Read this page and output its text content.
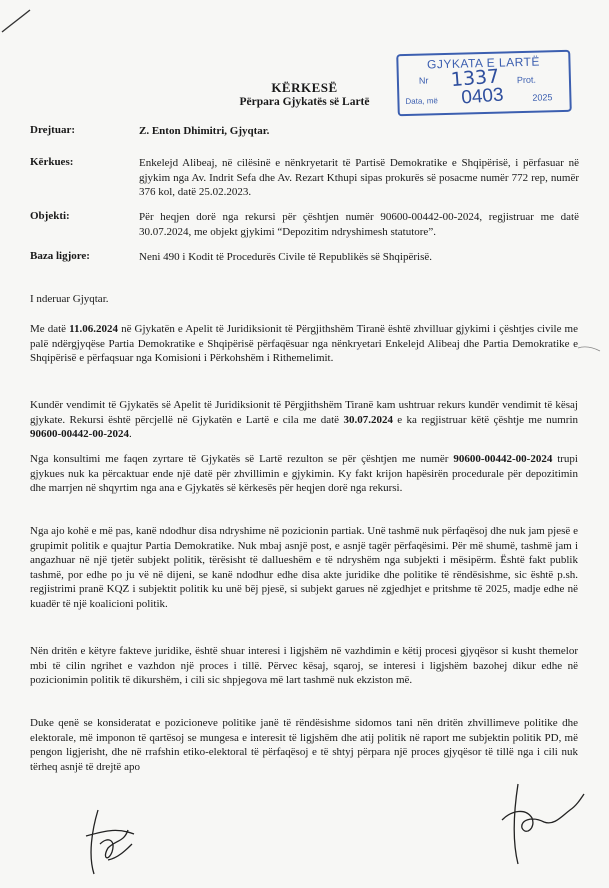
GJYKATA E LARTË
Nr 1337 Prot.
Data, më 0403	2025
KËRKESË
Përpara Gjykatës së Lartë
Drejtuar:	Z. Enton Dhimitri, Gjyqtar.
Kërkues:	Enkelejd Alibeaj, në cilësinë e nënkryetarit të Partisë Demokratike e Shqipërisë, i përfasuar në gjykim nga Av. Indrit Sefa dhe Av. Rezart Kthupi sipas prokurës së posacme numër 772 rep, numër 376 kol, datë 25.02.2023.
Objekti:	Për heqjen dorë nga rekursi për çështjen numër 90600-00442-00-2024, regjistruar me datë 30.07.2024, me objekt gjykimi “Depozitim ndryshimesh statutore”.
Baza ligjore:	Neni 490 i Kodit të Procedurës Civile të Republikës së Shqipërisë.
I nderuar Gjyqtar.
Me datë 11.06.2024 në Gjykatën e Apelit të Juridiksionit të Përgjithshëm Tiranë është zhvilluar gjykimi i çështjes civile me palë ndërgjyqëse Partia Demokratike e Shqipërisë përfaqësuar nga nënkryetari Enkelejd Alibeaj dhe Partia Demokratike e Shqipërisë e përfaqsuar nga Komisioni i Përkohshëm i Rithemelimit.
Kundër vendimit të Gjykatës së Apelit të Juridiksionit të Përgjithshëm Tiranë kam ushtruar rekurs kundër vendimit të kësaj gjykate. Rekursi është përcjellë në Gjykatën e Lartë e cila me datë 30.07.2024 e ka regjistruar këtë çështje me numrin 90600-00442-00-2024.
Nga konsultimi me faqen zyrtare të Gjykatës së Lartë rezulton se për çështjen me numër 90600-00442-00-2024 trupi gjykues nuk ka përcaktuar ende një datë për zhvillimin e gjykimin. Ky fakt krijon hapësirën procedurale për depozitimin dhe marrjen në shqyrtim nga ana e Gjykatës së kërkesës për heqjen dorë nga rekursi.
Nga ajo kohë e më pas, kanë ndodhur disa ndryshime në pozicionin partiak. Unë tashmë nuk përfaqësoj dhe nuk jam pjesë e grupimit politik e quajtur Partia Demokratike. Nuk mbaj asnjë post, e asnjë tagër përfaqësimi. Për më shumë, tashmë jam i angazhuar në një tjetër subjekt politik, tërësisht të dallueshëm e të ndryshëm nga subjekti i mësipërm. Është fakt publik tashmë, por edhe po ju vë në dijeni, se kanë ndodhur edhe disa akte juridike dhe politike të rëndësishme, sic është p.sh. regjistrimi pranë KQZ i subjektit politik ku unë bëj pjesë, si subjekt garues në zgjedhjet e pritshme të 2025, madje edhe në kuadër të një koalicioni politik.
Nën dritën e këtyre fakteve juridike, është shuar interesi i ligjshëm në vazhdimin e këtij procesi gjyqësor si kusht themelor mbi të cilin ngrihet e vazhdon një proces i tillë. Përvec kësaj, sqaroj, se interesi i ligjshëm bazohej dikur edhe në pozicionimin politik të dikurshëm, i cili sic shpjegova më lart tashmë nuk ekziston më.
Duke qenë se konsideratat e pozicioneve politike janë të rëndësishme sidomos tani nën dritën zhvillimeve politike dhe elektorale, më imponon të qartësoj se mungesa e interesit të ligjshëm dhe atij politik në raport me subjektin politik PD, më pengon ligjerisht, dhe në rrafshin etiko-elektoral të përfaqësoj e të shtyj përpara një proces gjyqësor të tillë nga i cili nuk tërheq asnjë të drejtë apo
